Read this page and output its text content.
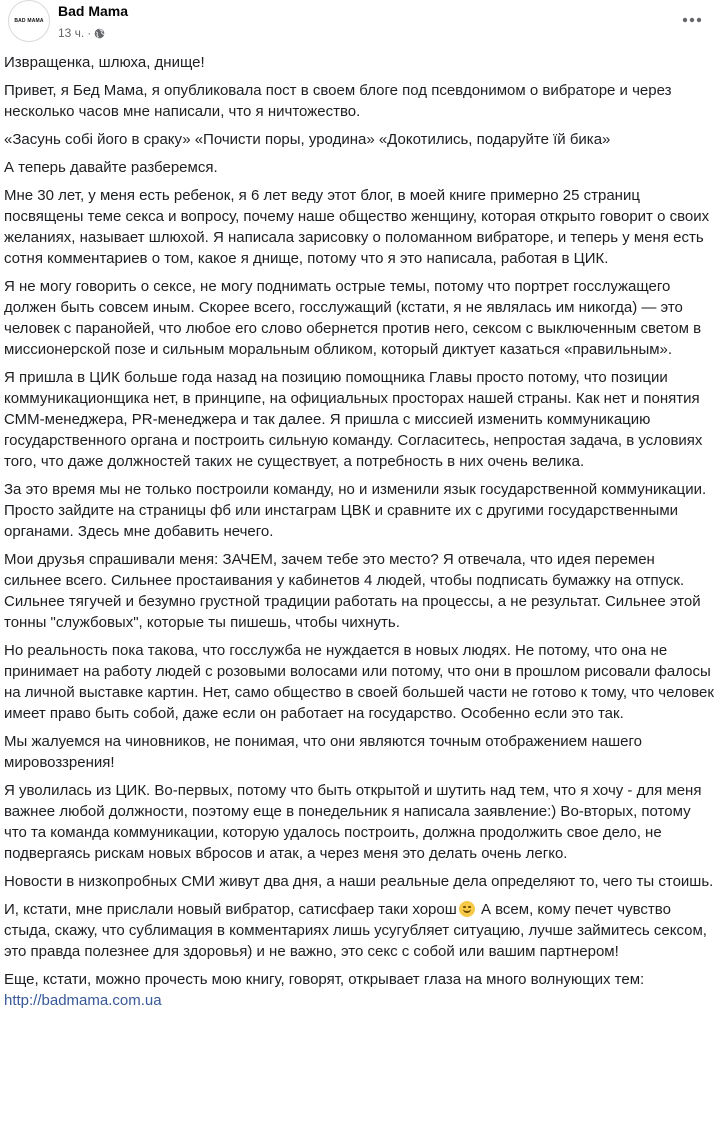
BAD MAMA
Bad Mama
13 ч. ·

Извращенка, шлюха, днище!

Привет, я Бед Мама, я опубликовала пост в своем блоге под псевдонимом о вибраторе и через несколько часов мне написали, что я ничтожество.

«Засунь собі його в сраку» «Почисти поры, уродина» «Докотились, подаруйте їй бика»

А теперь давайте разберемся.

Мне 30 лет, у меня есть ребенок, я 6 лет веду этот блог, в моей книге примерно 25 страниц посвящены теме секса и вопросу, почему наше общество женщину, которая открыто говорит о своих желаниях, называет шлюхой. Я написала зарисовку о поломанном вибраторе, и теперь у меня есть сотня комментариев о том, какое я днище, потому что я это написала, работая в ЦИК.

Я не могу говорить о сексе, не могу поднимать острые темы, потому что портрет госслужащего должен быть совсем иным. Скорее всего, госслужащий (кстати, я не являлась им никогда) — это человек с паранойей, что любое его слово обернется против него, сексом с выключенным светом в миссионерской позе и сильным моральным обликом, который диктует казаться «правильным».

Я пришла в ЦИК больше года назад на позицию помощника Главы просто потому, что позиции коммуникационщика нет, в принципе, на официальных просторах нашей страны. Как нет и понятия СММ-менеджера, PR-менеджера и так далее. Я пришла с миссией изменить коммуникацию государственного органа и построить сильную команду. Согласитесь, непростая задача, в условиях того, что даже должностей таких не существует, а потребность в них очень велика.

За это время мы не только построили команду, но и изменили язык государственной коммуникации. Просто зайдите на страницы фб или инстаграм ЦВК и сравните их с другими государственными органами. Здесь мне добавить нечего.

Мои друзья спрашивали меня: ЗАЧЕМ, зачем тебе это место? Я отвечала, что идея перемен сильнее всего. Сильнее простаивания у кабинетов 4 людей, чтобы подписать бумажку на отпуск. Сильнее тягучей и безумно грустной традиции работать на процессы, а не результат. Сильнее этой тонны "службовых", которые ты пишешь, чтобы чихнуть.

Но реальность пока такова, что госслужба не нуждается в новых людях. Не потому, что она не принимает на работу людей с розовыми волосами или потому, что они в прошлом рисовали фалосы на личной выставке картин. Нет, само общество в своей большей части не готово к тому, что человек имеет право быть собой, даже если он работает на государство. Особенно если это так.

Мы жалуемся на чиновников, не понимая, что они являются точным отображением нашего мировоззрения!

Я уволилась из ЦИК. Во-первых, потому что быть открытой и шутить над тем, что я хочу - для меня важнее любой должности, поэтому еще в понедельник я написала заявление:) Во-вторых, потому что та команда коммуникации, которую удалось построить, должна продолжить свое дело, не подвергаясь рискам новых вбросов и атак, а через меня это делать очень легко.

Новости в низкопробных СМИ живут два дня, а наши реальные дела определяют то, чего ты стоишь.

И, кстати, мне прислали новый вибратор, сатисфаер таки хорош
А всем, кому печет чувство стыда, скажу, что сублимация в комментариях лишь усугубляет ситуацию, лучше займитесь сексом, это правда полезнее для здоровья) и не важно, это секс с собой или вашим партнером!

Еще, кстати, можно прочесть мою книгу, говорят, открывает глаза на много волнующих тем:
http://badmama.com.ua
